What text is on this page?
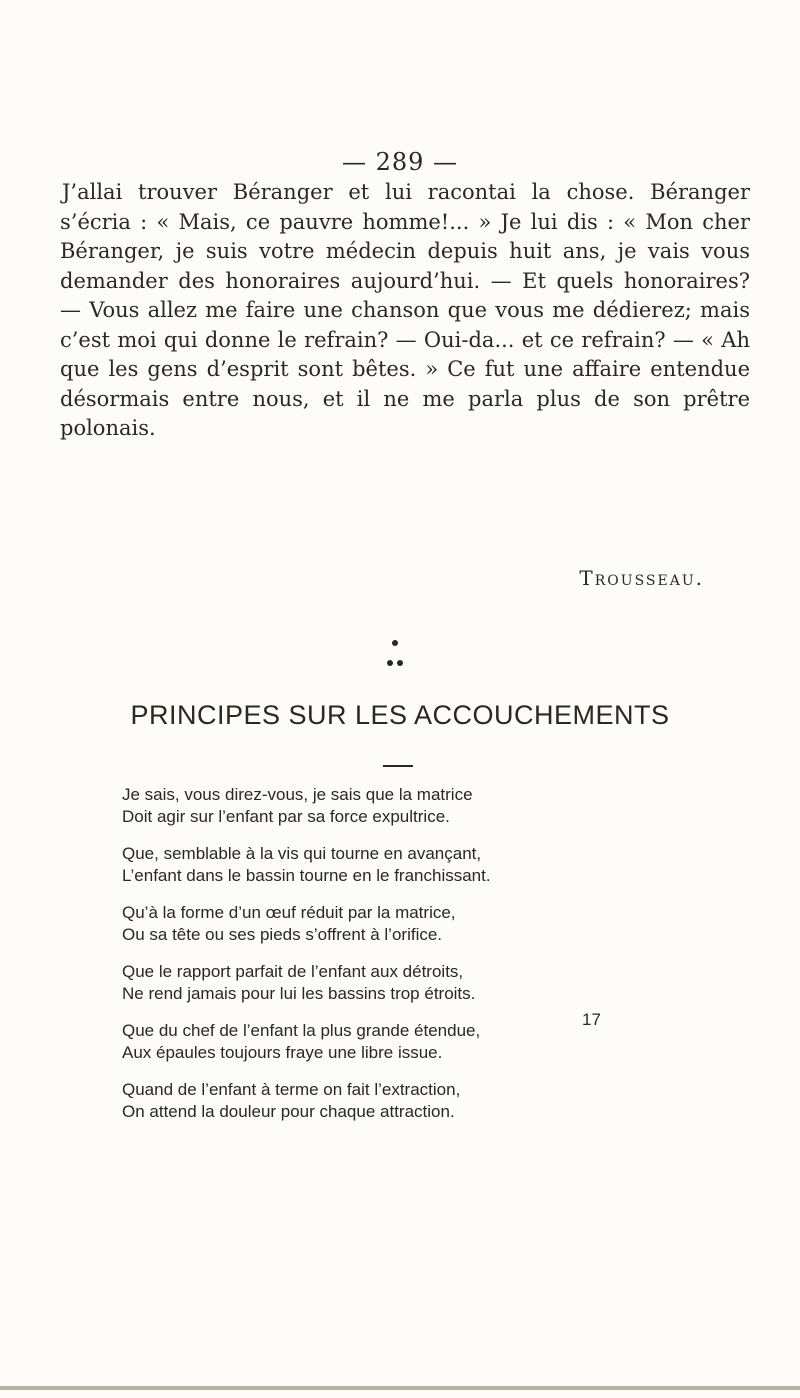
— 289 —

J’allai trouver Béranger et lui racontai la chose. Béranger s’écria : « Mais, ce pauvre homme!... » Je lui dis : « Mon cher Béranger, je suis votre médecin depuis huit ans, je vais vous demander des honoraires aujourd’hui. — Et quels honoraires? — Vous allez me faire une chanson que vous me dédierez; mais c’est moi qui donne le refrain? — Oui-da... et ce refrain? — « Ah que les gens d’esprit sont bêtes. » Ce fut une affaire entendue désormais entre nous, et il ne me parla plus de son prêtre polonais.

Trousseau.
PRINCIPES SUR LES ACCOUCHEMENTS
Je sais, vous direz-vous, je sais que la matrice
Doit agir sur l’enfant par sa force expultrice.
Que, semblable à la vis qui tourne en avançant,
L’enfant dans le bassin tourne en le franchissant.
Qu’à la forme d’un œuf réduit par la matrice,
Ou sa tête ou ses pieds s’offrent à l’orifice.
Que le rapport parfait de l’enfant aux détroits,
Ne rend jamais pour lui les bassins trop étroits.
Que du chef de l’enfant la plus grande étendue,
Aux épaules toujours fraye une libre issue.
Quand de l’enfant à terme on fait l’extraction,
On attend la douleur pour chaque attraction.
17
